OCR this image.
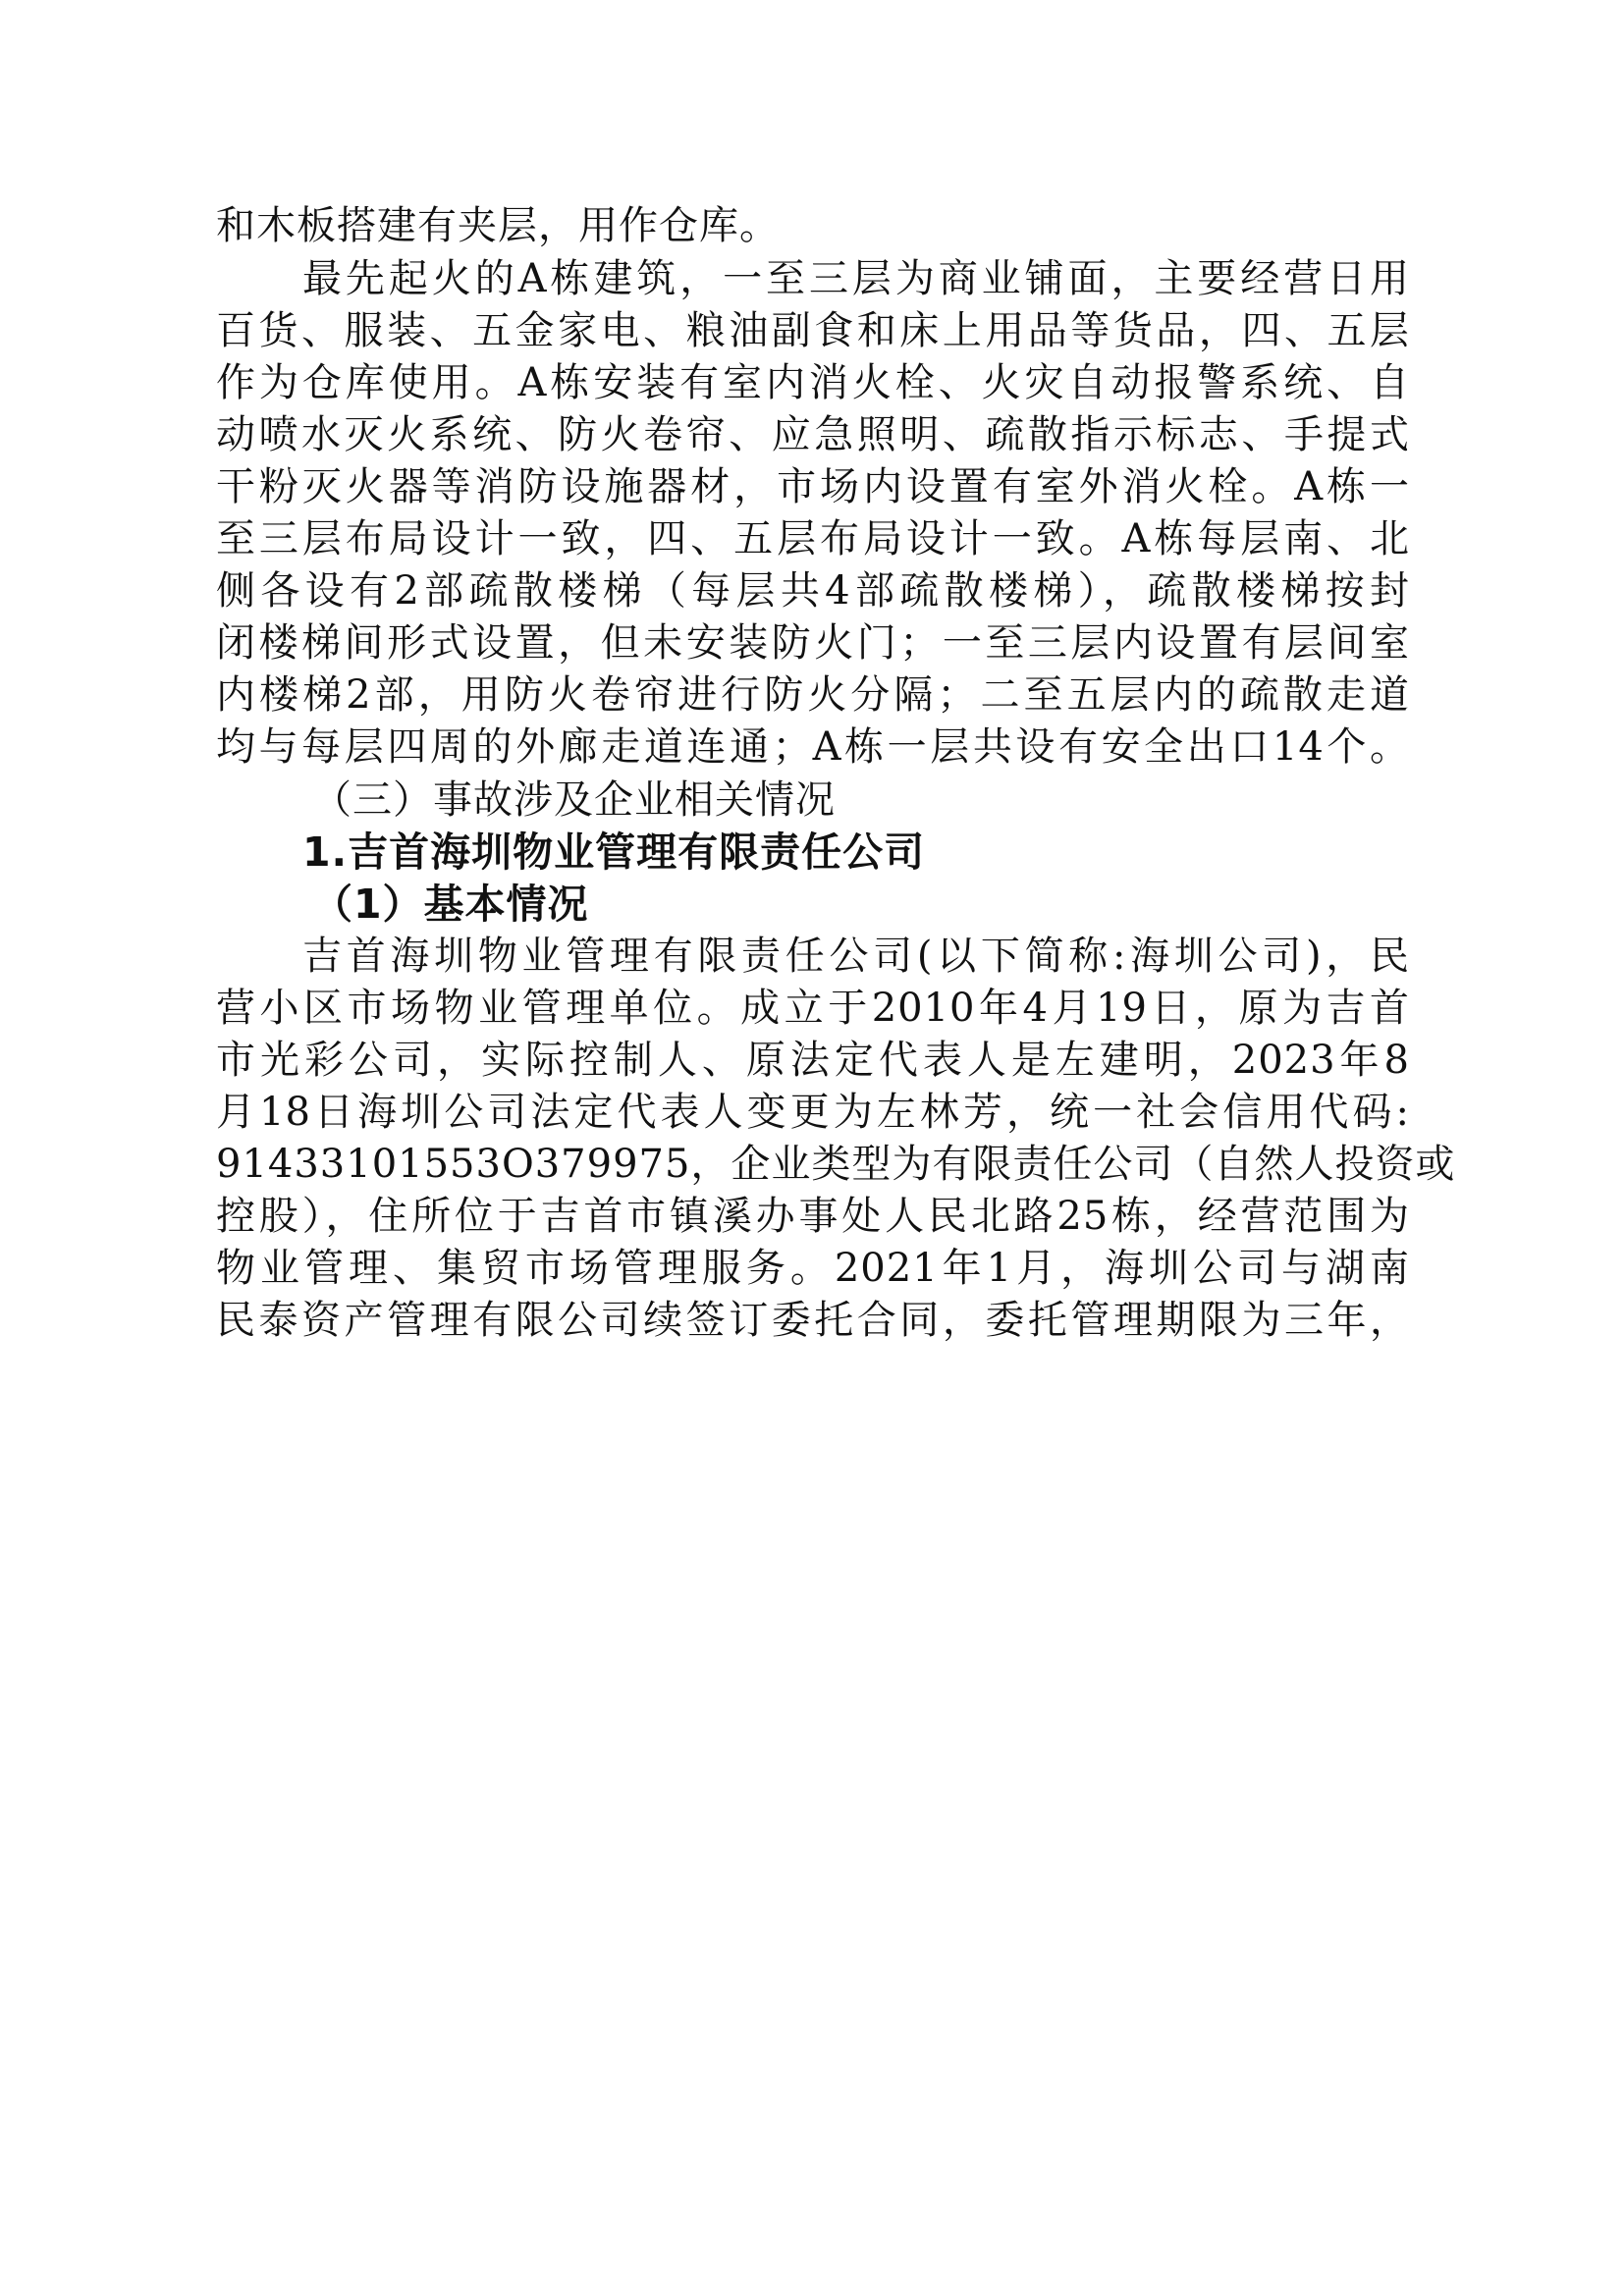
和木板搭建有夹层，用作仓库。
最先起火的A栋建筑，一至三层为商业铺面，主要经营日用
百货、服装、五金家电、粮油副食和床上用品等货品，四、五层
作为仓库使用。A栋安装有室内消火栓、火灾自动报警系统、自
动喷水灭火系统、防火卷帘、应急照明、疏散指示标志、手提式
干粉灭火器等消防设施器材，市场内设置有室外消火栓。A栋一
至三层布局设计一致，四、五层布局设计一致。A栋每层南、北
侧各设有2部疏散楼梯（每层共4部疏散楼梯），疏散楼梯按封
闭楼梯间形式设置，但未安装防火门；一至三层内设置有层间室
内楼梯2部，用防火卷帘进行防火分隔；二至五层内的疏散走道
均与每层四周的外廊走道连通；A栋一层共设有安全出口14个。
（三）事故涉及企业相关情况
1.吉首海圳物业管理有限责任公司
（1）基本情况
吉首海圳物业管理有限责任公司(以下简称:海圳公司)，民
营小区市场物业管理单位。成立于2010年4月19日，原为吉首
市光彩公司，实际控制人、原法定代表人是左建明，2023年8
月18日海圳公司法定代表人变更为左林芳，统一社会信用代码:
91433101553O379975，企业类型为有限责任公司（自然人投资或
控股），住所位于吉首市镇溪办事处人民北路25栋，经营范围为
物业管理、集贸市场管理服务。2021年1月，海圳公司与湖南
民泰资产管理有限公司续签订委托合同，委托管理期限为三年，
